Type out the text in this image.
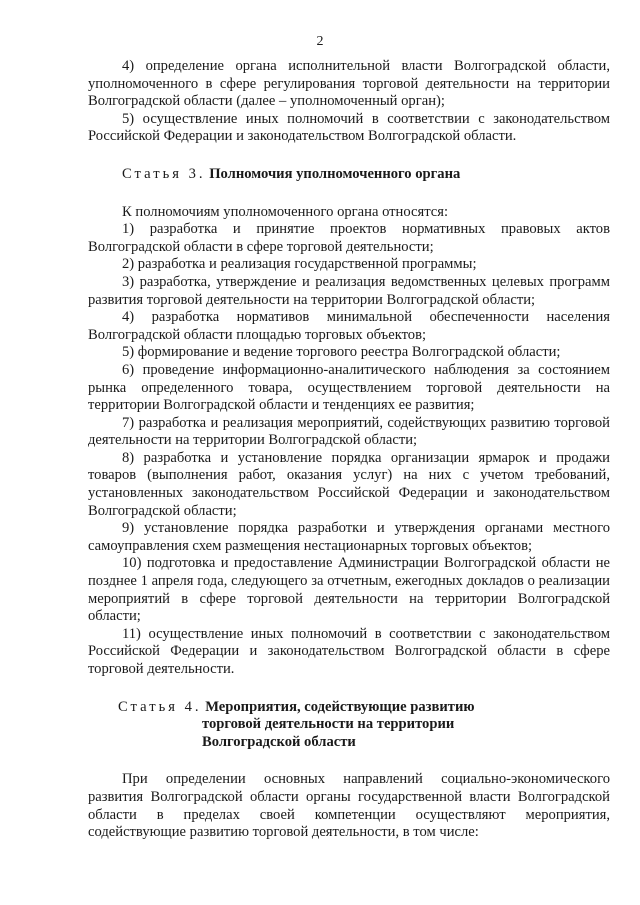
2

4) определение органа исполнительной власти Волгоградской области, уполномоченного в сфере регулирования торговой деятельности на территории Волгоградской области (далее – уполномоченный орган);

5) осуществление иных полномочий в соответствии с законодательством Российской Федерации и законодательством Волгоградской области.

Статья 3. Полномочия уполномоченного органа

К полномочиям уполномоченного органа относятся:

1) разработка и принятие проектов нормативных правовых актов Волгоградской области в сфере торговой деятельности;

2) разработка и реализация государственной программы;

3) разработка, утверждение и реализация ведомственных целевых программ развития торговой деятельности на территории Волгоградской области;

4) разработка нормативов минимальной обеспеченности населения Волгоградской области площадью торговых объектов;

5) формирование и ведение торгового реестра Волгоградской области;

6) проведение информационно-аналитического наблюдения за состоянием рынка определенного товара, осуществлением торговой деятельности на территории Волгоградской области и тенденциях ее развития;

7) разработка и реализация мероприятий, содействующих развитию торговой деятельности на территории Волгоградской области;

8) разработка и установление порядка организации ярмарок и продажи товаров (выполнения работ, оказания услуг) на них с учетом требований, установленных законодательством Российской Федерации и законодательством Волгоградской области;

9) установление порядка разработки и утверждения органами местного самоуправления схем размещения нестационарных торговых объектов;

10) подготовка и предоставление Администрации Волгоградской области не позднее 1 апреля года, следующего за отчетным, ежегодных докладов о реализации мероприятий в сфере торговой деятельности на территории Волгоградской области;

11) осуществление иных полномочий в соответствии с законодательством Российской Федерации и законодательством Волгоградской области в сфере торговой деятельности.

Статья 4. Мероприятия, содействующие развитию
торговой деятельности на территории
Волгоградской области

При определении основных направлений социально-экономического развития Волгоградской области органы государственной власти Волгоградской области в пределах своей компетенции осуществляют мероприятия, содействующие развитию торговой деятельности, в том числе:
